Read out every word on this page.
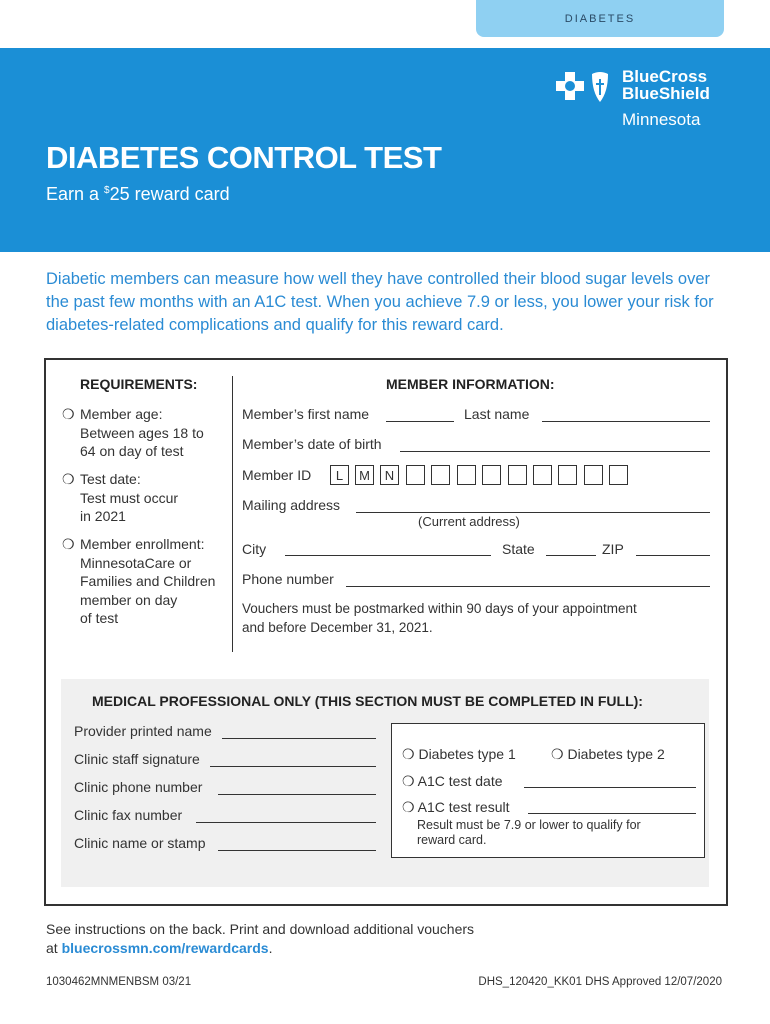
DIABETES
BlueCross
BlueShield
Minnesota
DIABETES CONTROL TEST
Earn a $25 reward card
Diabetic members can measure how well they have controlled their blood sugar levels over the past few months with an A1C test. When you achieve 7.9 or less, you lower your risk for diabetes-related complications and qualify for this reward card.
REQUIREMENTS:	MEMBER INFORMATION:
❍ Member age:
Between ages 18 to
64 on day of test
❍ Test date:
Test must occur
in 2021
❍ Member enrollment:
MinnesotaCare or
Families and Children
member on day
of test
Member’s first name	Last name
Member’s date of birth
Member ID	L	M	N
Mailing address
(Current address)
City	State	ZIP
Phone number
Vouchers must be postmarked within 90 days of your appointment
and before December 31, 2021.
MEDICAL PROFESSIONAL ONLY (THIS SECTION MUST BE COMPLETED IN FULL):
Provider printed name
Clinic staff signature
Clinic phone number
Clinic fax number
Clinic name or stamp
❍ Diabetes type 1	❍ Diabetes type 2
❍ A1C test date
❍ A1C test result
Result must be 7.9 or lower to qualify for
reward card.
See instructions on the back. Print and download additional vouchers
at bluecrossmn.com/rewardcards.
1030462MNMENBSM 03/21	DHS_120420_KK01 DHS Approved 12/07/2020
